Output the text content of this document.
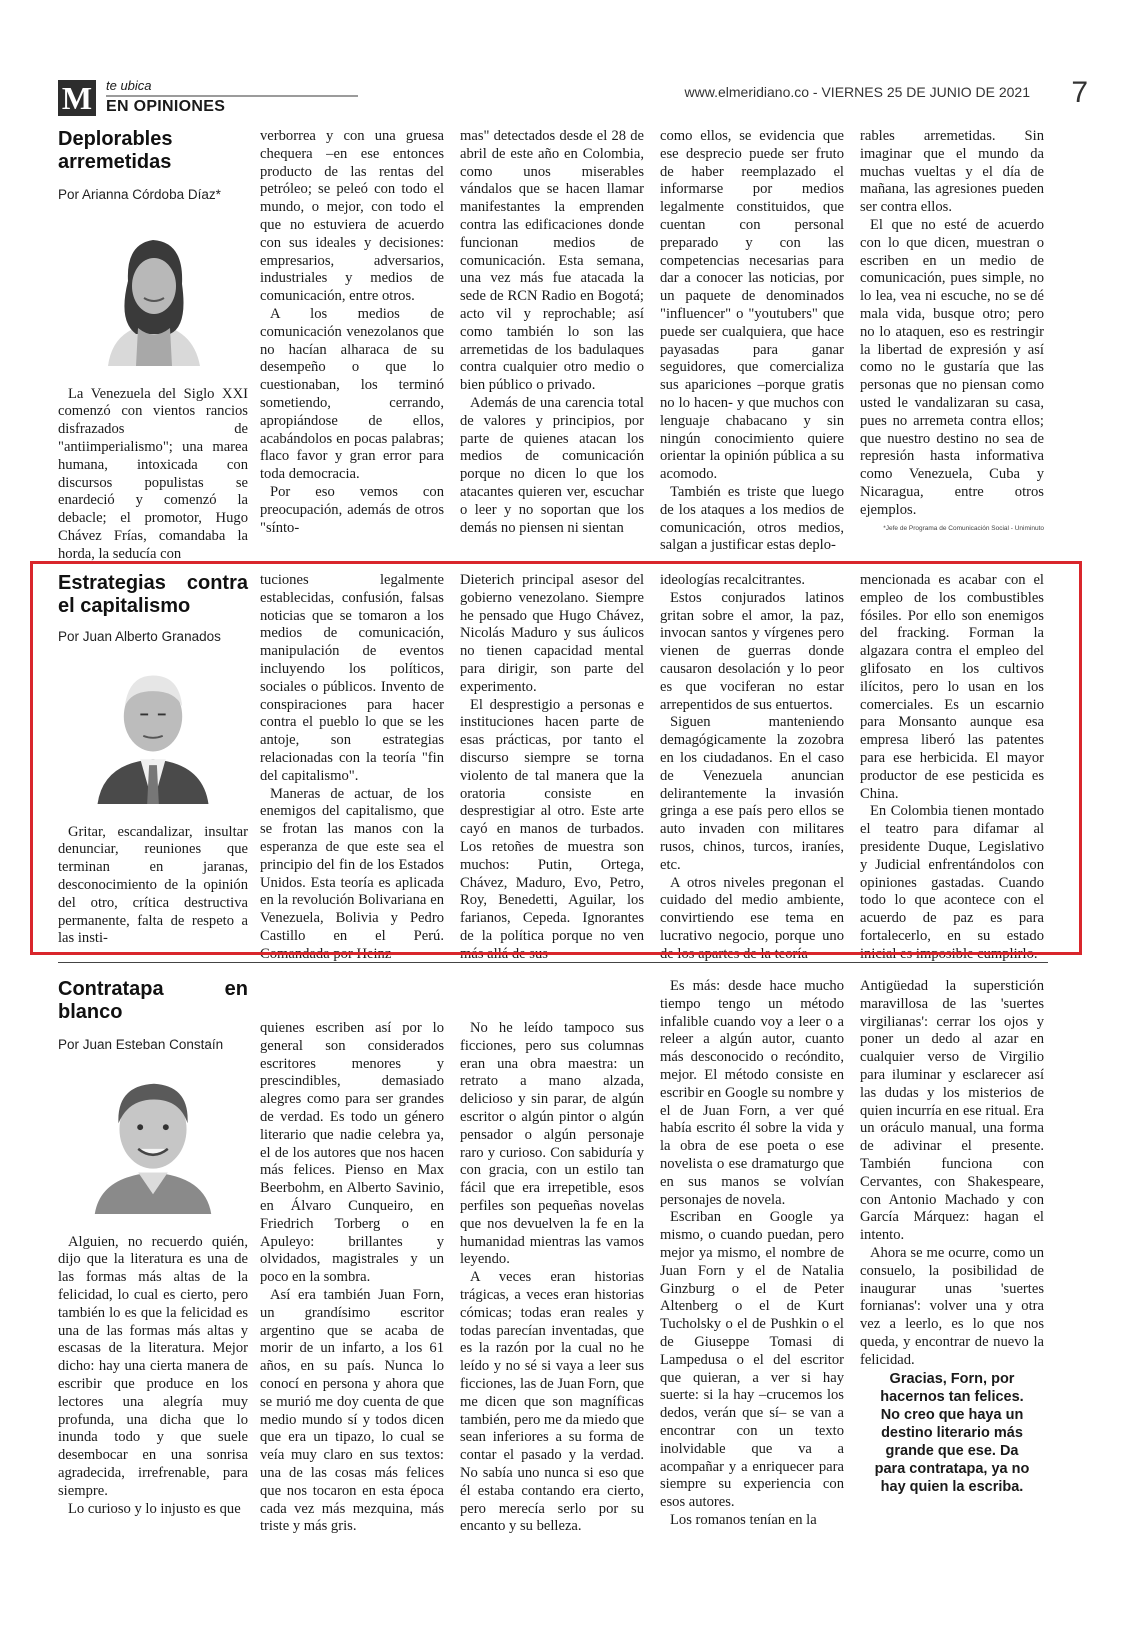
M	te ubica
EN OPINIONES
www.elmeridiano.co - VIERNES 25 DE JUNIO DE 2021 7
Deplorables arremetidas
Por Arianna Córdoba Díaz*

La Venezuela del Siglo XXI comenzó con vientos rancios disfrazados de "antiimperialismo"; una marea humana, intoxicada con discursos populistas se enardeció y comenzó la debacle; el promotor, Hugo Chávez Frías, comandaba la horda, la seducía con

verborrea y con una gruesa chequera –en ese entonces producto de las rentas del petróleo; se peleó con todo el mundo, o mejor, con todo el que no estuviera de acuerdo con sus ideales y decisiones: empresarios, adversarios, industriales y medios de comunicación, entre otros.

A los medios de comunicación venezolanos que no hacían alharaca de su desempeño o que lo cuestionaban, los terminó sometiendo, cerrando, apropiándose de ellos, acabándolos en pocas palabras; flaco favor y gran error para toda democracia.

Por eso vemos con preocupación, además de otros "sínto-

mas" detectados desde el 28 de abril de este año en Colombia, como unos miserables vándalos que se hacen llamar manifestantes la emprenden contra las edificaciones donde funcionan medios de comunicación. Esta semana, una vez más fue atacada la sede de RCN Radio en Bogotá; acto vil y reprochable; así como también lo son las arremetidas de los badulaques contra cualquier otro medio o bien público o privado.

Además de una carencia total de valores y principios, por parte de quienes atacan los medios de comunicación porque no dicen lo que los atacantes quieren ver, escuchar o leer y no soportan que los demás no piensen ni sientan

como ellos, se evidencia que ese desprecio puede ser fruto de haber reemplazado el informarse por medios legalmente constituidos, que cuentan con personal preparado y con las competencias necesarias para dar a conocer las noticias, por un paquete de denominados "influencer" o "youtubers" que puede ser cualquiera, que hace payasadas para ganar seguidores, que comercializa sus apariciones –porque gratis no lo hacen- y que muchos con lenguaje chabacano y sin ningún conocimiento quiere orientar la opinión pública a su acomodo.

También es triste que luego de los ataques a los medios de comunicación, otros medios, salgan a justificar estas deplo-

rables arremetidas. Sin imaginar que el mundo da muchas vueltas y el día de mañana, las agresiones pueden ser contra ellos.

El que no esté de acuerdo con lo que dicen, muestran o escriben en un medio de comunicación, pues simple, no lo lea, vea ni escuche, no se dé mala vida, busque otro; pero no lo ataquen, eso es restringir la libertad de expresión y así como no le gustaría que las personas que no piensan como usted le vandalizaran su casa, pues no arremeta contra ellos; que nuestro destino no sea de represión hasta informativa como Venezuela, Cuba y Nicaragua, entre otros ejemplos.

*Jefe de Programa de Comunicación Social - Uniminuto

Estrategias contra el capitalismo
Por Juan Alberto Granados

Gritar, escandalizar, insultar denunciar, reuniones que terminan en jaranas, desconocimiento de la opinión del otro, crítica destructiva permanente, falta de respeto a las insti-

tuciones legalmente establecidas, confusión, falsas noticias que se tomaron a los medios de comunicación, manipulación de eventos incluyendo los políticos, sociales o públicos. Invento de conspiraciones para hacer contra el pueblo lo que se les antoje, son estrategias relacionadas con la teoría "fin del capitalismo".

Maneras de actuar, de los enemigos del capitalismo, que se frotan las manos con la esperanza de que este sea el principio del fin de los Estados Unidos. Esta teoría es aplicada en la revolución Bolivariana en Venezuela, Bolivia y Pedro Castillo en el Perú. Comandada por Heinz

Dieterich principal asesor del gobierno venezolano. Siempre he pensado que Hugo Chávez, Nicolás Maduro y sus áulicos no tienen capacidad mental para dirigir, son parte del experimento.

El desprestigio a personas e instituciones hacen parte de esas prácticas, por tanto el discurso siempre se torna violento de tal manera que la oratoria consiste en desprestigiar al otro. Este arte cayó en manos de turbados. Los retoñes de muestra son muchos: Putin, Ortega, Chávez, Maduro, Evo, Petro, Roy, Benedetti, Aguilar, los farianos, Cepeda. Ignorantes de la política porque no ven más allá de sus

ideologías recalcitrantes.

Estos conjurados latinos gritan sobre el amor, la paz, invocan santos y vírgenes pero vienen de guerras donde causaron desolación y lo peor es que vociferan no estar arrepentidos de sus entuertos.

Siguen manteniendo demagógicamente la zozobra en los ciudadanos. En el caso de Venezuela anuncian delirantemente la invasión gringa a ese país pero ellos se auto invaden con militares rusos, chinos, turcos, iraníes, etc.

A otros niveles pregonan el cuidado del medio ambiente, convirtiendo ese tema en lucrativo negocio, porque uno de los apartes de la teoría

mencionada es acabar con el empleo de los combustibles fósiles. Por ello son enemigos del fracking. Forman la algazara contra el empleo del glifosato en los cultivos ilícitos, pero lo usan en los comerciales. Es un escarnio para Monsanto aunque esa empresa liberó las patentes para ese herbicida. El mayor productor de ese pesticida es China.

En Colombia tienen montado el teatro para difamar al presidente Duque, Legislativo y Judicial enfrentándolos con opiniones gastadas. Cuando todo lo que acontece con el acuerdo de paz es para fortalecerlo, en su estado inicial es imposible cumplirlo.

Contratapa en blanco
Por Juan Esteban Constaín

Alguien, no recuerdo quién, dijo que la literatura es una de las formas más altas de la felicidad, lo cual es cierto, pero también lo es que la felicidad es una de las formas más altas y escasas de la literatura. Mejor dicho: hay una cierta manera de escribir que produce en los lectores una alegría muy profunda, una dicha que lo inunda todo y que suele desembocar en una sonrisa agradecida, irrefrenable, para siempre.

Lo curioso y lo injusto es que

quienes escriben así por lo general son considerados escritores menores y prescindibles, demasiado alegres como para ser grandes de verdad. Es todo un género literario que nadie celebra ya, el de los autores que nos hacen más felices. Pienso en Max Beerbohm, en Alberto Savinio, en Álvaro Cunqueiro, en Friedrich Torberg o en Apuleyo: brillantes y olvidados, magistrales y un poco en la sombra.

Así era también Juan Forn, un grandísimo escritor argentino que se acaba de morir de un infarto, a los 61 años, en su país. Nunca lo conocí en persona y ahora que se murió me doy cuenta de que medio mundo sí y todos dicen que era un tipazo, lo cual se veía muy claro en sus textos: una de las cosas más felices que nos tocaron en esta época cada vez más mezquina, más triste y más gris.

No he leído tampoco sus ficciones, pero sus columnas eran una obra maestra: un retrato a mano alzada, delicioso y sin parar, de algún escritor o algún pintor o algún pensador o algún personaje raro y curioso. Con sabiduría y con gracia, con un estilo tan fácil que era irrepetible, esos perfiles son pequeñas novelas que nos devuelven la fe en la humanidad mientras las vamos leyendo.

A veces eran historias trágicas, a veces eran historias cómicas; todas eran reales y todas parecían inventadas, que es la razón por la cual no he leído y no sé si vaya a leer sus ficciones, las de Juan Forn, que me dicen que son magníficas también, pero me da miedo que sean inferiores a su forma de contar el pasado y la verdad. No sabía uno nunca si eso que él estaba contando era cierto, pero merecía serlo por su encanto y su belleza.

Es más: desde hace mucho tiempo tengo un método infalible cuando voy a leer o a releer a algún autor, cuanto más desconocido o recóndito, mejor. El método consiste en escribir en Google su nombre y el de Juan Forn, a ver qué había escrito él sobre la vida y la obra de ese poeta o ese novelista o ese dramaturgo que en sus manos se volvían personajes de novela.

Escriban en Google ya mismo, o cuando puedan, pero mejor ya mismo, el nombre de Juan Forn y el de Natalia Ginzburg o el de Peter Altenberg o el de Kurt Tucholsky o el de Pushkin o el de Giuseppe Tomasi di Lampedusa o el del escritor que quieran, a ver si hay suerte: si la hay –crucemos los dedos, verán que sí– se van a encontrar con un texto inolvidable que va a acompañar y a enriquecer para siempre su experiencia con esos autores.

Los romanos tenían en la

Antigüedad la superstición maravillosa de las 'suertes virgilianas': cerrar los ojos y poner un dedo al azar en cualquier verso de Virgilio para iluminar y esclarecer así las dudas y los misterios de quien incurría en ese ritual. Era un oráculo manual, una forma de adivinar el presente. También funciona con Cervantes, con Shakespeare, con Antonio Machado y con García Márquez: hagan el intento.

Ahora se me ocurre, como un consuelo, la posibilidad de inaugurar unas 'suertes fornianas': volver una y otra vez a leerlo, es lo que nos queda, y encontrar de nuevo la felicidad.

Gracias, Forn, por hacernos tan felices. No creo que haya un destino literario más grande que ese. Da para contratapa, ya no hay quien la escriba.
